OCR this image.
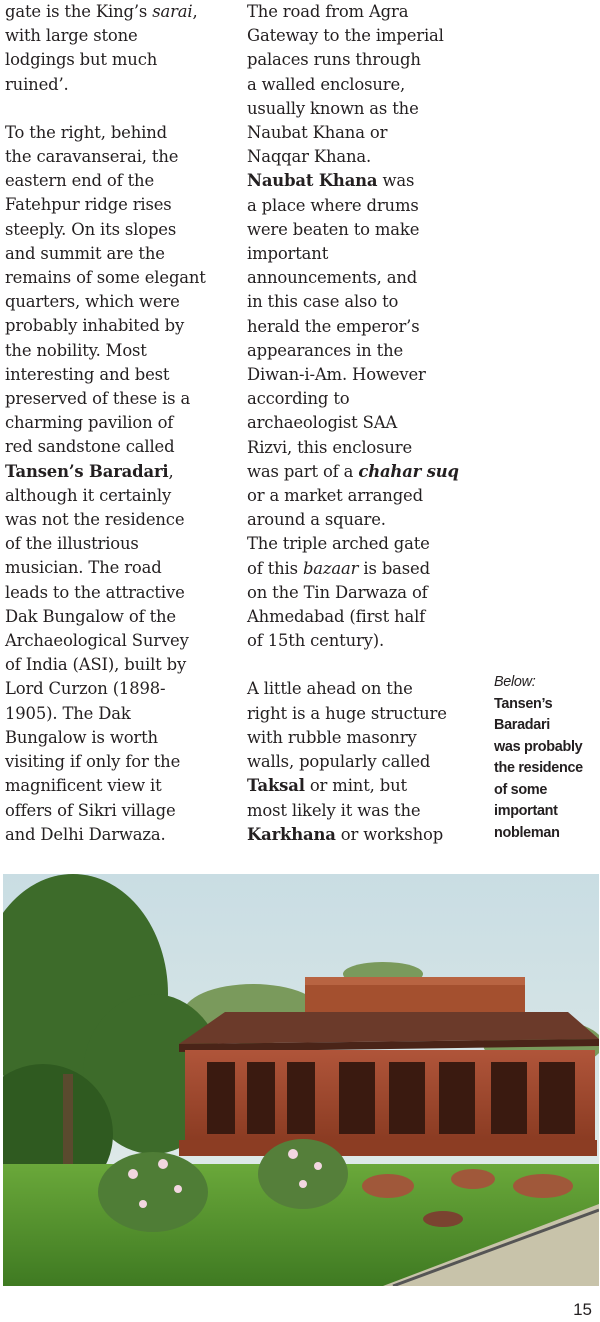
gate is the King’s sarai,

with large stone

lodgings but much

ruined’.

To the right, behind

the caravanserai, the

eastern end of the

Fatehpur ridge rises

steeply. On its slopes

and summit are the

remains of some elegant

quarters, which were

probably inhabited by

the nobility. Most

interesting and best

preserved of these is a

charming pavilion of

red sandstone called

Tansen’s Baradari,

although it certainly

was not the residence

of the illustrious

musician. The road

leads to the attractive

Dak Bungalow of the

Archaeological Survey

of India (ASI), built by

Lord Curzon (1898-

1905). The Dak

Bungalow is worth

visiting if only for the

magnificent view it

offers of Sikri village

and Delhi Darwaza.

The road from Agra

Gateway to the imperial

palaces runs through

a walled enclosure,

usually known as the

Naubat Khana or

Naqqar Khana.

Naubat Khana was

a place where drums

were beaten to make

important

announcements, and

in this case also to

herald the emperor’s

appearances in the

Diwan-i-Am. However

according to

archaeologist SAA

Rizvi, this enclosure

was part of a chahar suq

or a market arranged

around a square.

The triple arched gate

of this bazaar is based

on the Tin Darwaza of

Ahmedabad (first half

of 15th century).

A little ahead on the

right is a huge structure

with rubble masonry

walls, popularly called

Taksal or mint, but

most likely it was the

Karkhana or workshop

Below:
Tansen’s
Baradari
was probably
the residence
of some
important
nobleman
15
